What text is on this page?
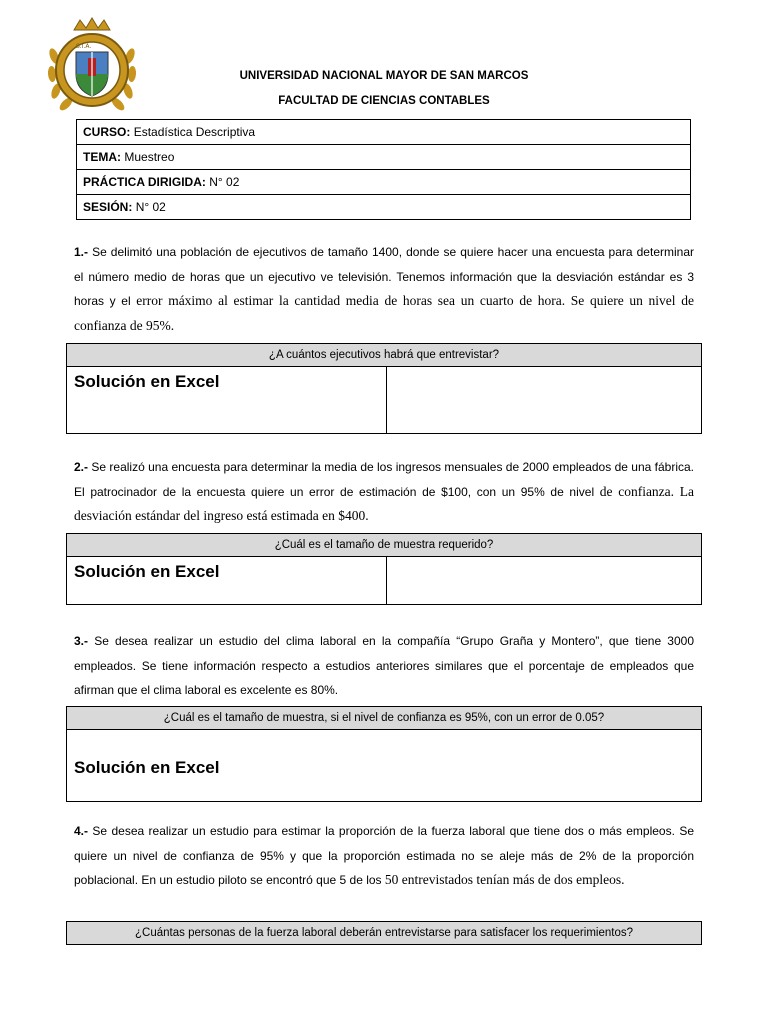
S.I.A.
UNIVERSIDAD NACIONAL MAYOR DE SAN MARCOS
FACULTAD DE CIENCIAS CONTABLES
CURSO: Estadística Descriptiva
TEMA: Muestreo
PRÁCTICA DIRIGIDA: N° 02
SESIÓN: N° 02
1.- Se delimitó una población de ejecutivos de tamaño 1400, donde se quiere hacer una encuesta para determinar el número medio de horas que un ejecutivo ve televisión. Tenemos información que la desviación estándar es 3 horas y el error máximo al estimar la cantidad media de horas sea un cuarto de hora. Se quiere un nivel de confianza de 95%.
¿A cuántos ejecutivos habrá que entrevistar?
Solución en Excel	
2.- Se realizó una encuesta para determinar la media de los ingresos mensuales de 2000 empleados de una fábrica. El patrocinador de la encuesta quiere un error de estimación de $100, con un 95% de nivel de confianza. La desviación estándar del ingreso está estimada en $400.
¿Cuál es el tamaño de muestra requerido?
Solución en Excel	
3.- Se desea realizar un estudio del clima laboral en la compañía “Grupo Graña y Montero”, que tiene 3000 empleados. Se tiene información respecto a estudios anteriores similares que el porcentaje de empleados que afirman que el clima laboral es excelente es 80%.
¿Cuál es el tamaño de muestra, si el nivel de confianza es 95%, con un error de 0.05?
Solución en Excel
4.- Se desea realizar un estudio para estimar la proporción de la fuerza laboral que tiene dos o más empleos. Se quiere un nivel de confianza de 95% y que la proporción estimada no se aleje más de 2% de la proporción poblacional. En un estudio piloto se encontró que 5 de los 50 entrevistados tenían más de dos empleos.
¿Cuántas personas de la fuerza laboral deberán entrevistarse para satisfacer los requerimientos?
